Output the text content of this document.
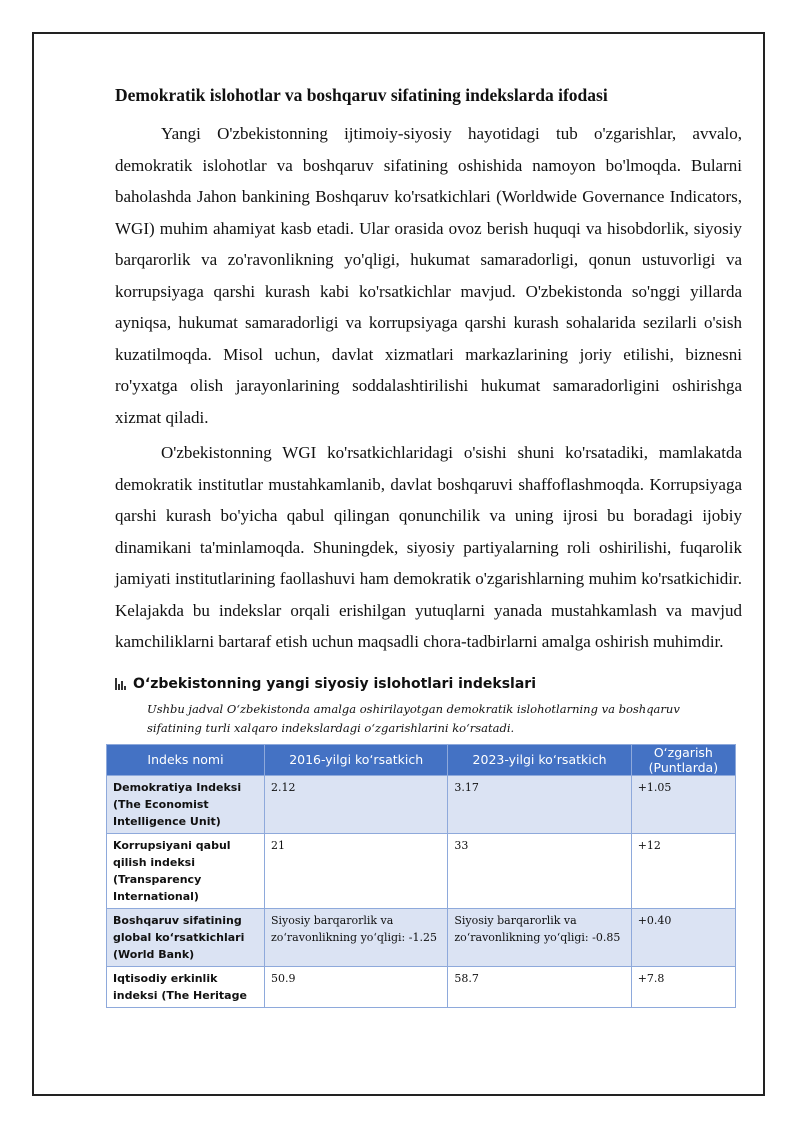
Demokratik islohotlar va boshqaruv sifatining indekslarda ifodasi

Yangi O'zbekistonning ijtimoiy-siyosiy hayotidagi tub o'zgarishlar, avvalo, demokratik islohotlar va boshqaruv sifatining oshishida namoyon bo'lmoqda. Bularni baholashda Jahon bankining Boshqaruv ko'rsatkichlari (Worldwide Governance Indicators, WGI) muhim ahamiyat kasb etadi. Ular orasida ovoz berish huquqi va hisobdorlik, siyosiy barqarorlik va zo'ravonlikning yo'qligi, hukumat samaradorligi, qonun ustuvorligi va korrupsiyaga qarshi kurash kabi ko'rsatkichlar mavjud. O'zbekistonda so'nggi yillarda ayniqsa, hukumat samaradorligi va korrupsiyaga qarshi kurash sohalarida sezilarli o'sish kuzatilmoqda. Misol uchun, davlat xizmatlari markazlarining joriy etilishi, biznesni ro'yxatga olish jarayonlarining soddalashtirilishi hukumat samaradorligini oshirishga xizmat qiladi.

O'zbekistonning WGI ko'rsatkichlaridagi o'sishi shuni ko'rsatadiki, mamlakatda demokratik institutlar mustahkamlanib, davlat boshqaruvi shaffoflashmoqda. Korrupsiyaga qarshi kurash bo'yicha qabul qilingan qonunchilik va uning ijrosi bu boradagi ijobiy dinamikani ta'minlamoqda. Shuningdek, siyosiy partiyalarning roli oshirilishi, fuqarolik jamiyati institutlarining faollashuvi ham demokratik o'zgarishlarning muhim ko'rsatkichidir. Kelajakda bu indekslar orqali erishilgan yutuqlarni yanada mustahkamlash va mavjud kamchiliklarni bartaraf etish uchun maqsadli chora-tadbirlarni amalga oshirish muhimdir.

O‘zbekistonning yangi siyosiy islohotlari indekslari
Ushbu jadval O‘zbekistonda amalga oshirilayotgan demokratik islohotlarning va boshqaruv sifatining turli xalqaro indekslardagi o‘zgarishlarini ko‘rsatadi.
Indeks nomi	2016-yilgi ko‘rsatkich	2023-yilgi ko‘rsatkich	O‘zgarish (Puntlarda)
Demokratiya Indeksi (The Economist Intelligence Unit)	2.12	3.17	+1.05
Korrupsiyani qabul qilish indeksi (Transparency International)	21	33	+12
Boshqaruv sifatining global ko‘rsatkichlari (World Bank)	Siyosiy barqarorlik va zo‘ravonlikning yo‘qligi: -1.25	Siyosiy barqarorlik va zo‘ravonlikning yo‘qligi: -0.85	+0.40
Iqtisodiy erkinlik indeksi (The Heritage	50.9	58.7	+7.8
